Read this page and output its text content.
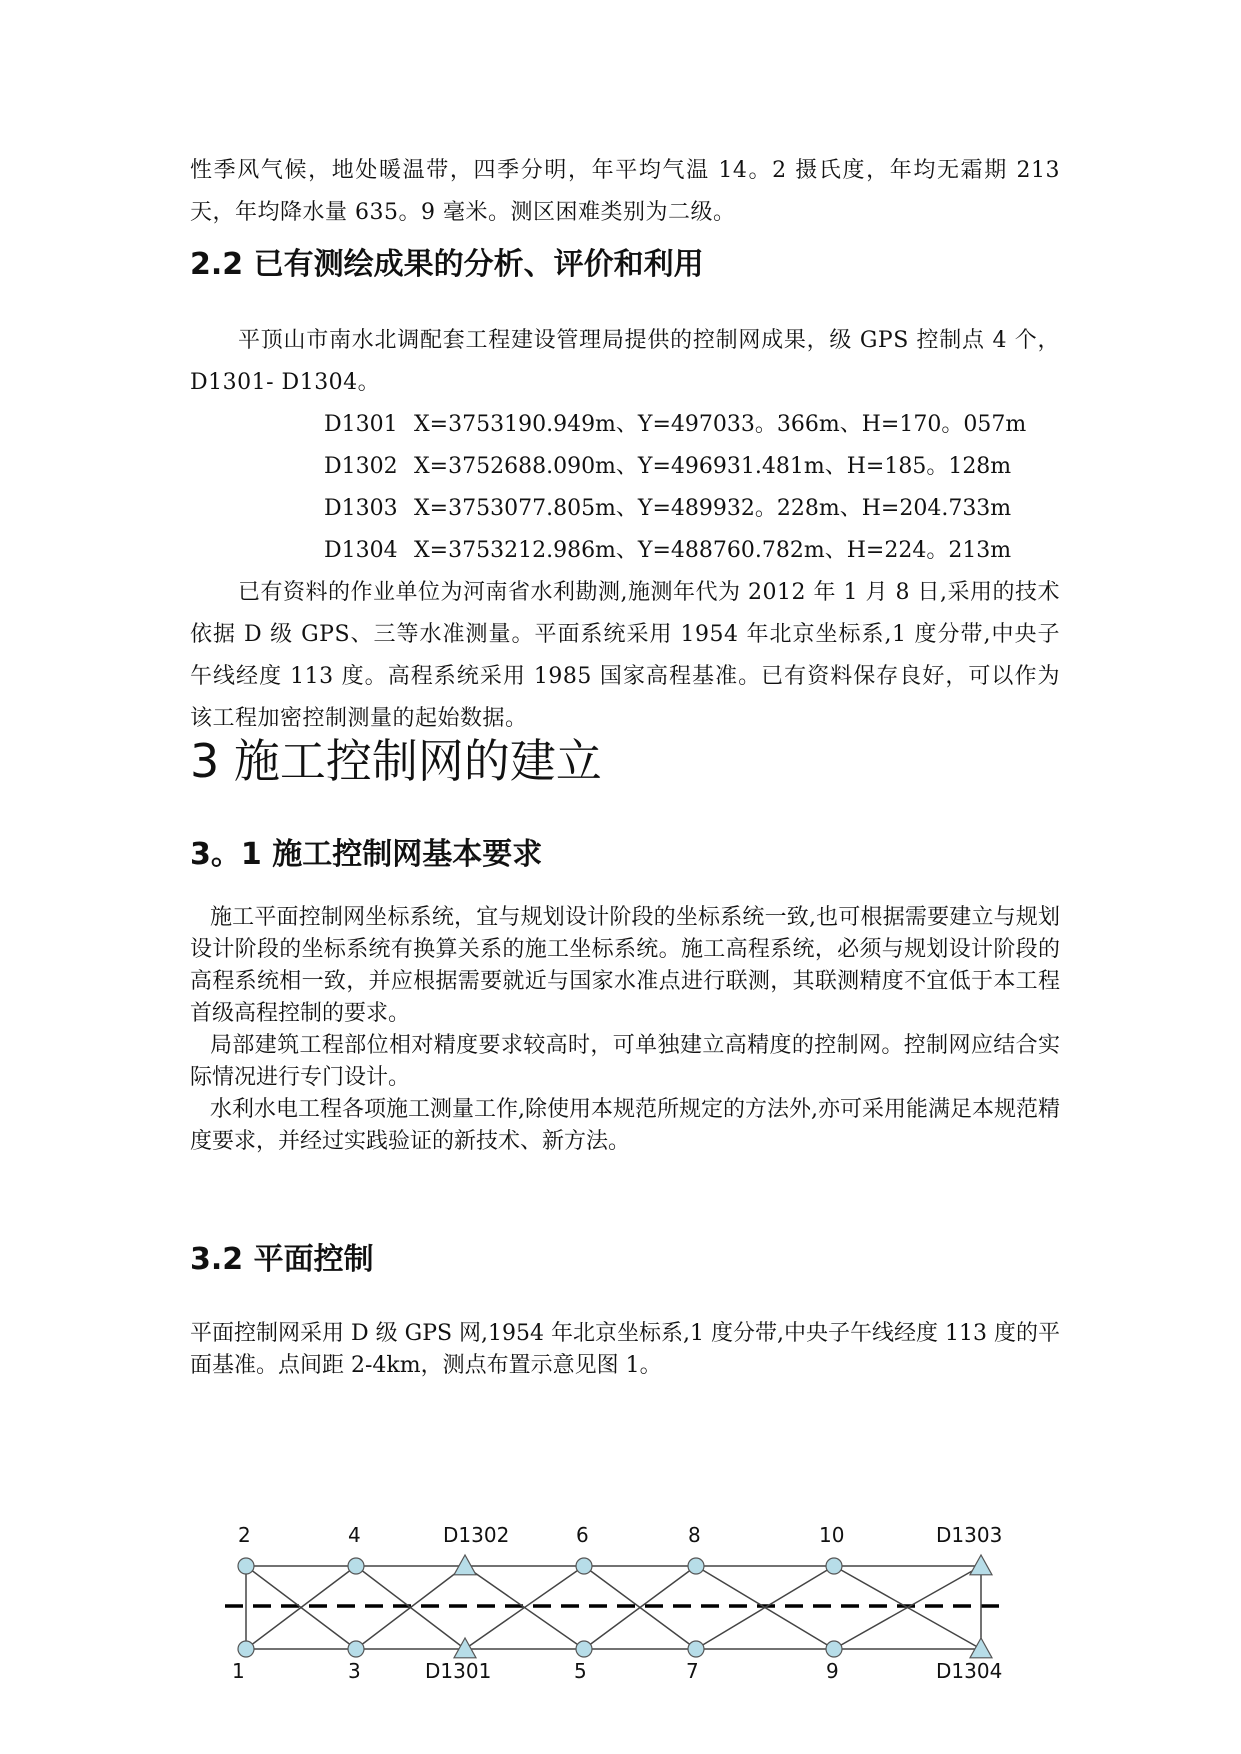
性季风气候，地处暖温带，四季分明，年平均气温 14。2 摄氏度，年均无霜期 213 天，年均降水量 635。9 毫米。测区困难类别为二级。

2.2 已有测绘成果的分析、评价和利用

平顶山市南水北调配套工程建设管理局提供的控制网成果，级 GPS 控制点 4 个，D1301- D1304。

D1301 X=3753190.949m、Y=497033。366m、H=170。057m
D1302 X=3752688.090m、Y=496931.481m、H=185。128m
D1303 X=3753077.805m、Y=489932。228m、H=204.733m
D1304 X=3753212.986m、Y=488760.782m、H=224。213m

已有资料的作业单位为河南省水利勘测,施测年代为 2012 年 1 月 8 日,采用的技术依据 D 级 GPS、三等水准测量。平面系统采用 1954 年北京坐标系,1 度分带,中央子午线经度 113 度。高程系统采用 1985 国家高程基准。已有资料保存良好，可以作为该工程加密控制测量的起始数据。

3 施工控制网的建立
3。1 施工控制网基本要求

施工平面控制网坐标系统，宜与规划设计阶段的坐标系统一致,也可根据需要建立与规划设计阶段的坐标系统有换算关系的施工坐标系统。施工高程系统，必须与规划设计阶段的高程系统相一致，并应根据需要就近与国家水准点进行联测，其联测精度不宜低于本工程首级高程控制的要求。

局部建筑工程部位相对精度要求较高时，可单独建立高精度的控制网。控制网应结合实际情况进行专门设计。

水利水电工程各项施工测量工作,除使用本规范所规定的方法外,亦可采用能满足本规范精度要求，并经过实践验证的新技术、新方法。

3.2 平面控制

平面控制网采用 D 级 GPS 网,1954 年北京坐标系,1 度分带,中央子午线经度 113 度的平面基准。点间距 2-4km，测点布置示意见图 1。

2
1
4
3
D1302
D1301
6
5
8
7
10
9
D1303
D1304
